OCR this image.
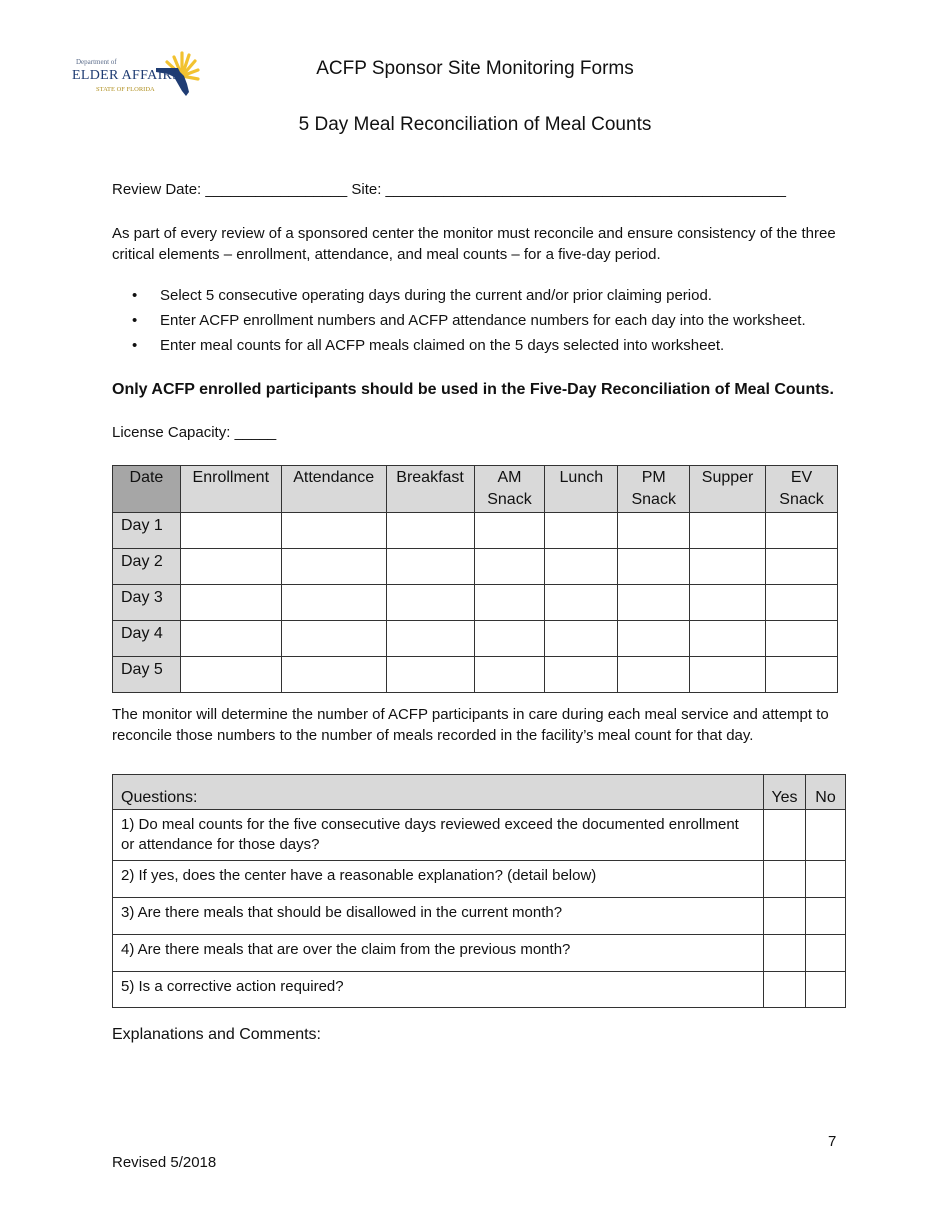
Department of
ELDER AFFAIRS
STATE OF FLORIDA
ACFP Sponsor Site Monitoring Forms
5 Day Meal Reconciliation of Meal Counts
Review Date: _________________ Site: ________________________________________________
As part of every review of a sponsored center the monitor must reconcile and ensure consistency of the three critical elements – enrollment, attendance, and meal counts – for a five-day period.
• Select 5 consecutive operating days during the current and/or prior claiming period.
• Enter ACFP enrollment numbers and ACFP attendance numbers for each day into the worksheet.
• Enter meal counts for all ACFP meals claimed on the 5 days selected into worksheet.
Only ACFP enrolled participants should be used in the Five-Day Reconciliation of Meal Counts.
License Capacity: _____
Date	Enrollment	Attendance	Breakfast	AM Snack	Lunch	PM Snack	Supper	EV Snack
Day 1								
Day 2								
Day 3								
Day 4								
Day 5								
The monitor will determine the number of ACFP participants in care during each meal service and attempt to reconcile those numbers to the number of meals recorded in the facility’s meal count for that day.
Questions:	Yes	No
1) Do meal counts for the five consecutive days reviewed exceed the documented enrollment or attendance for those days?		
2) If yes, does the center have a reasonable explanation? (detail below)		
3) Are there meals that should be disallowed in the current month?		
4) Are there meals that are over the claim from the previous month?		
5) Is a corrective action required?		
Explanations and Comments:
7
Revised 5/2018
